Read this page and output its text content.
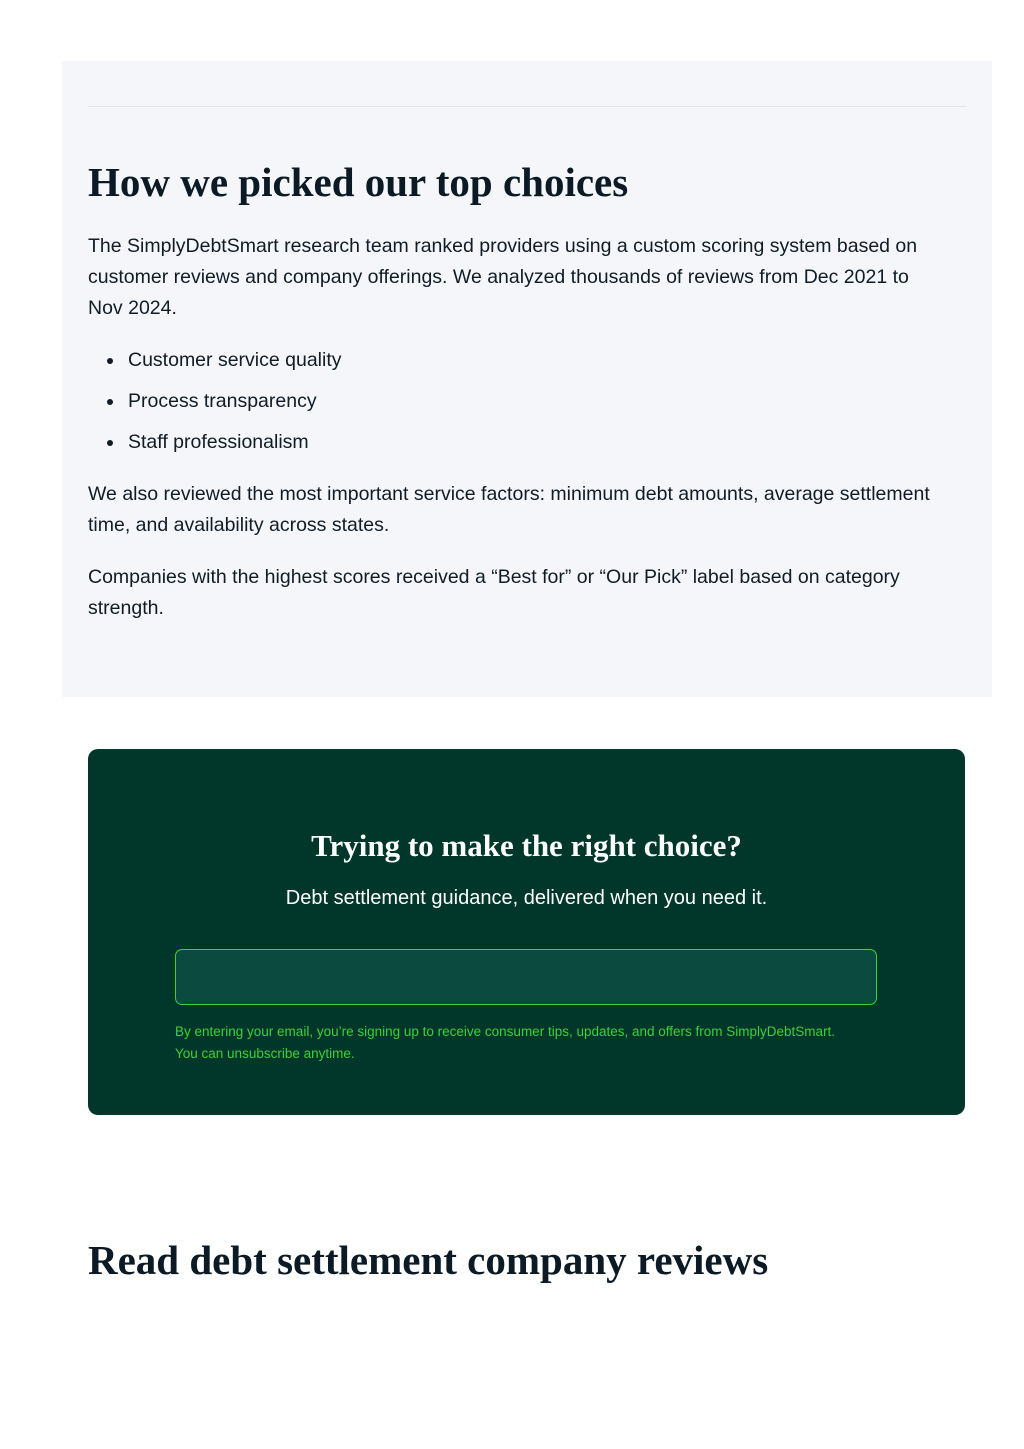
How we picked our top choices

The SimplyDebtSmart research team ranked providers using a custom scoring system based on customer reviews and company offerings. We analyzed thousands of reviews from Dec 2021 to Nov 2024.

Customer service quality
Process transparency
Staff professionalism

We also reviewed the most important service factors: minimum debt amounts, average settlement time, and availability across states.

Companies with the highest scores received a “Best for” or “Our Pick” label based on category strength.

Trying to make the right choice?

Debt settlement guidance, delivered when you need it.

By entering your email, you’re signing up to receive consumer tips, updates, and offers from SimplyDebtSmart.
You can unsubscribe anytime.

Read debt settlement company reviews
